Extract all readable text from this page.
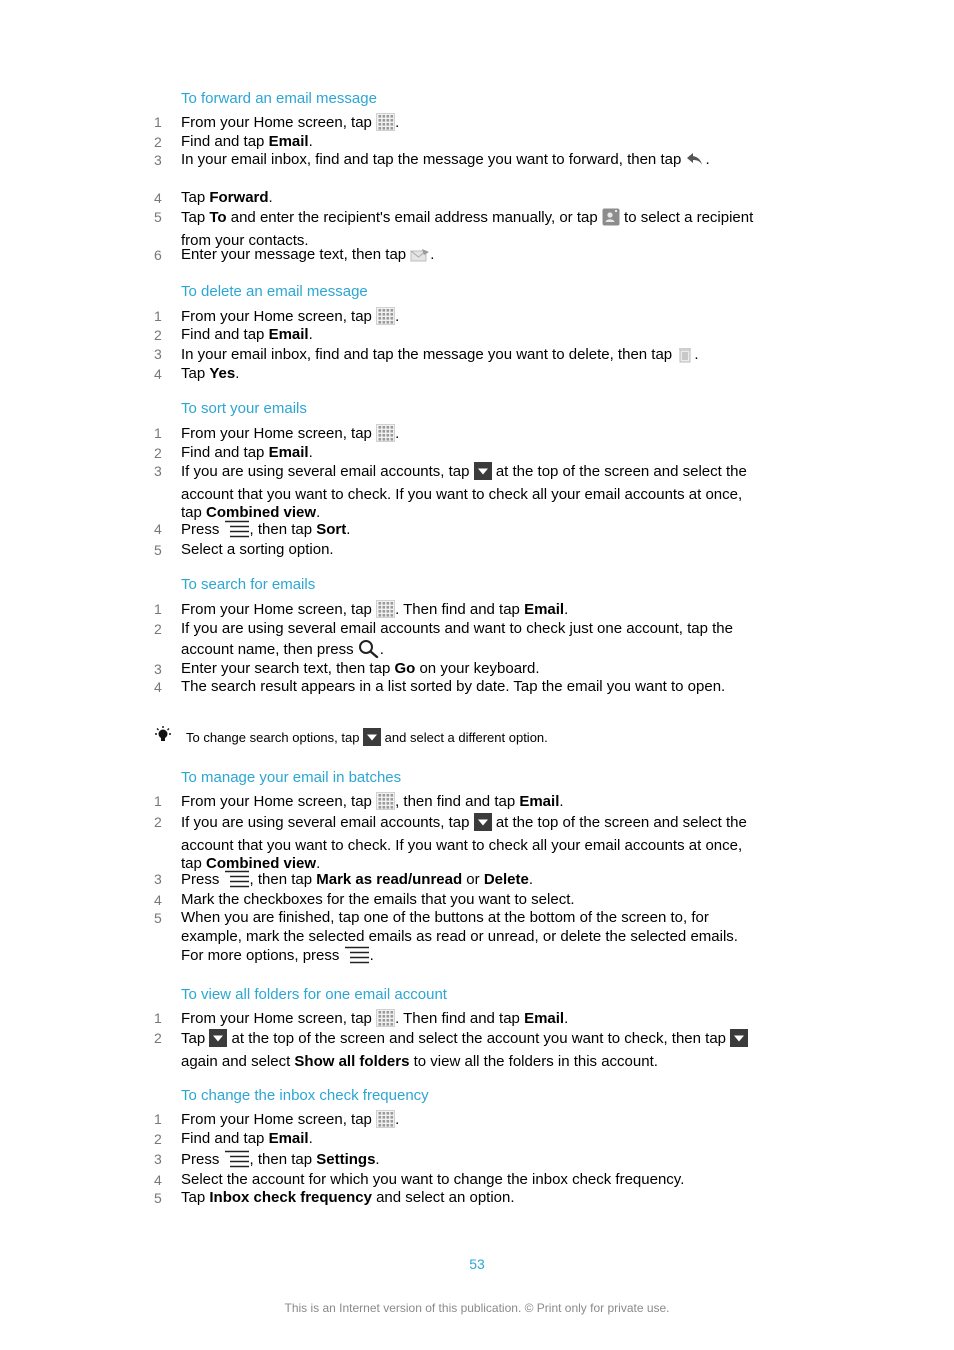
To forward an email message
1 From your Home screen, tap .
2 Find and tap Email.
3 In your email inbox, find and tap the message you want to forward, then tap .
4 Tap Forward.
5 Tap To and enter the recipient's email address manually, or tap  to select a recipient from your contacts.
6 Enter your message text, then tap .
To delete an email message
1 From your Home screen, tap .
2 Find and tap Email.
3 In your email inbox, find and tap the message you want to delete, then tap .
4 Tap Yes.
To sort your emails
1 From your Home screen, tap .
2 Find and tap Email.
3 If you are using several email accounts, tap  at the top of the screen and select the account that you want to check. If you want to check all your email accounts at once, tap Combined view.
4 Press , then tap Sort.
5 Select a sorting option.
To search for emails
1 From your Home screen, tap . Then find and tap Email.
2 If you are using several email accounts and want to check just one account, tap the account name, then press .
3 Enter your search text, then tap Go on your keyboard.
4 The search result appears in a list sorted by date. Tap the email you want to open.
To change search options, tap  and select a different option.
To manage your email in batches
1 From your Home screen, tap , then find and tap Email.
2 If you are using several email accounts, tap  at the top of the screen and select the account that you want to check. If you want to check all your email accounts at once, tap Combined view.
3 Press , then tap Mark as read/unread or Delete.
4 Mark the checkboxes for the emails that you want to select.
5 When you are finished, tap one of the buttons at the bottom of the screen to, for example, mark the selected emails as read or unread, or delete the selected emails. For more options, press .
To view all folders for one email account
1 From your Home screen, tap . Then find and tap Email.
2 Tap  at the top of the screen and select the account you want to check, then tap  again and select Show all folders to view all the folders in this account.
To change the inbox check frequency
1 From your Home screen, tap .
2 Find and tap Email.
3 Press , then tap Settings.
4 Select the account for which you want to change the inbox check frequency.
5 Tap Inbox check frequency and select an option.
53
This is an Internet version of this publication. © Print only for private use.
